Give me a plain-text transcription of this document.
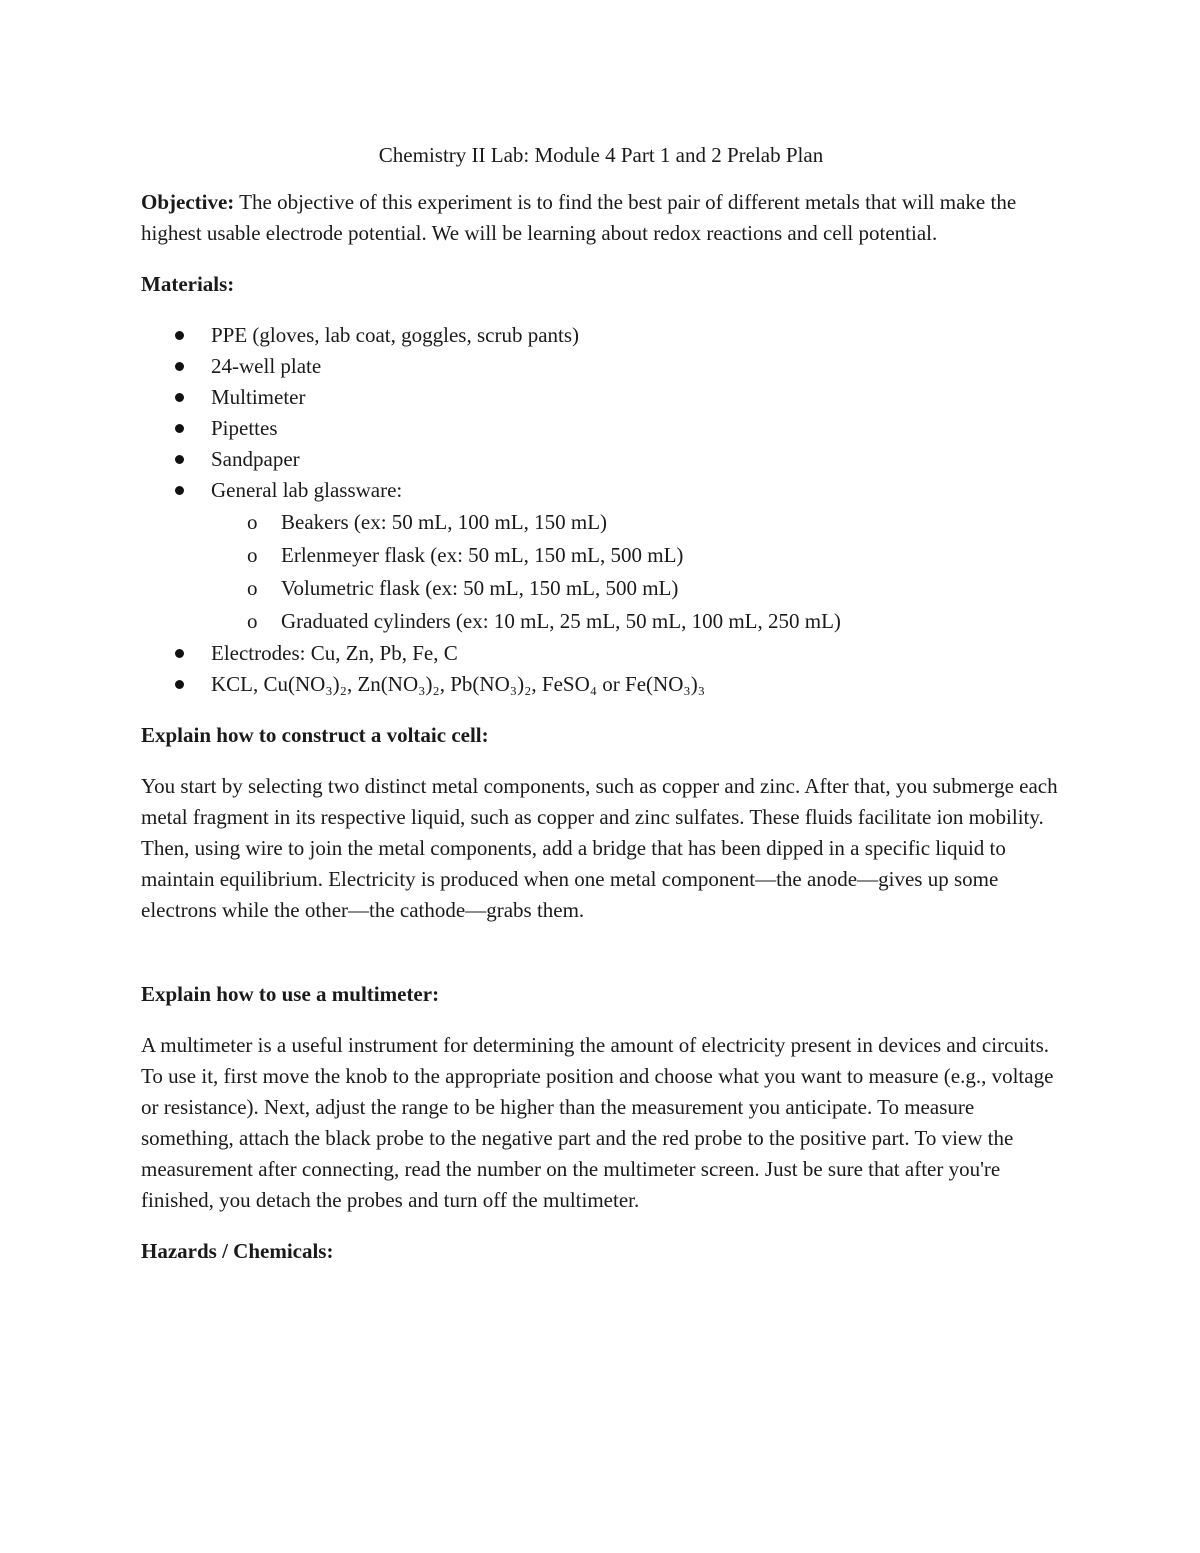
Chemistry II Lab: Module 4 Part 1 and 2 Prelab Plan

Objective: The objective of this experiment is to find the best pair of different metals that will make the highest usable electrode potential. We will be learning about redox reactions and cell potential.

Materials:
PPE (gloves, lab coat, goggles, scrub pants)
24-well plate
Multimeter
Pipettes
Sandpaper
General lab glassware:
o Beakers (ex: 50 mL, 100 mL, 150 mL)
o Erlenmeyer flask (ex: 50 mL, 150 mL, 500 mL)
o Volumetric flask (ex: 50 mL, 150 mL, 500 mL)
o Graduated cylinders (ex: 10 mL, 25 mL, 50 mL, 100 mL, 250 mL)
Electrodes: Cu, Zn, Pb, Fe, C
KCL, Cu(NO₃)₂, Zn(NO₃)₂, Pb(NO₃)₂, FeSO₄ or Fe(NO₃)₃
Explain how to construct a voltaic cell:

You start by selecting two distinct metal components, such as copper and zinc. After that, you submerge each metal fragment in its respective liquid, such as copper and zinc sulfates. These fluids facilitate ion mobility. Then, using wire to join the metal components, add a bridge that has been dipped in a specific liquid to maintain equilibrium. Electricity is produced when one metal component—the anode—gives up some electrons while the other—the cathode—grabs them.

Explain how to use a multimeter:

A multimeter is a useful instrument for determining the amount of electricity present in devices and circuits. To use it, first move the knob to the appropriate position and choose what you want to measure (e.g., voltage or resistance). Next, adjust the range to be higher than the measurement you anticipate. To measure something, attach the black probe to the negative part and the red probe to the positive part. To view the measurement after connecting, read the number on the multimeter screen. Just be sure that after you're finished, you detach the probes and turn off the multimeter.

Hazards / Chemicals:
